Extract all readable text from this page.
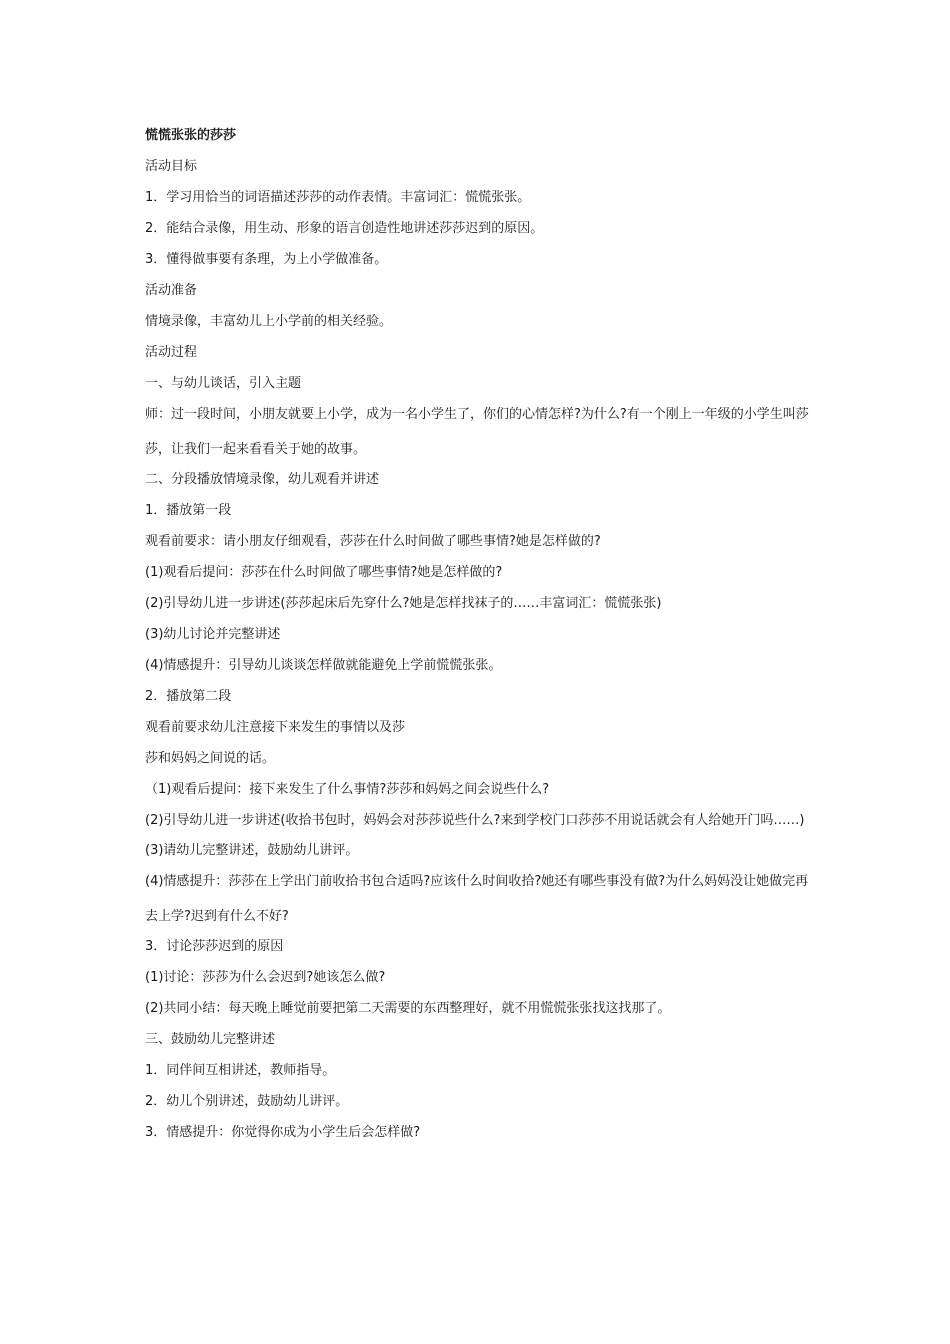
慌慌张张的莎莎
活动目标
1．学习用恰当的词语描述莎莎的动作表情。丰富词汇：慌慌张张。
2．能结合录像，用生动、形象的语言创造性地讲述莎莎迟到的原因。
3．懂得做事要有条理，为上小学做准备。
活动准备
情境录像，丰富幼儿上小学前的相关经验。
活动过程
一、与幼儿谈话，引入主题
师：过一段时间，小朋友就要上小学，成为一名小学生了，你们的心情怎样?为什么?有一个刚上一年级的小学生叫莎莎，让我们一起来看看关于她的故事。
二、分段播放情境录像，幼儿观看并讲述
1．播放第一段
观看前要求：请小朋友仔细观看，莎莎在什么时间做了哪些事情?她是怎样做的?
(1)观看后提问：莎莎在什么时间做了哪些事情?她是怎样做的?
(2)引导幼儿进一步讲述(莎莎起床后先穿什么?她是怎样找袜子的……丰富词汇：慌慌张张)
(3)幼儿讨论并完整讲述
(4)情感提升：引导幼儿谈谈怎样做就能避免上学前慌慌张张。
2．播放第二段
观看前要求幼儿注意接下来发生的事情以及莎
莎和妈妈之间说的话。
（1)观看后提问：接下来发生了什么事情?莎莎和妈妈之间会说些什么?
(2)引导幼儿进一步讲述(收拾书包时，妈妈会对莎莎说些什么?来到学校门口莎莎不用说话就会有人给她开门吗……)
(3)请幼儿完整讲述，鼓励幼儿讲评。
(4)情感提升：莎莎在上学出门前收拾书包合适吗?应该什么时间收拾?她还有哪些事没有做?为什么妈妈没让她做完再去上学?迟到有什么不好?
3．讨论莎莎迟到的原因
(1)讨论：莎莎为什么会迟到?她该怎么做?
(2)共同小结：每天晚上睡觉前要把第二天需要的东西整理好，就不用慌慌张张找这找那了。
三、鼓励幼儿完整讲述
1．同伴间互相讲述，教师指导。
2．幼儿个别讲述，鼓励幼儿讲评。
3．情感提升：你觉得你成为小学生后会怎样做?
